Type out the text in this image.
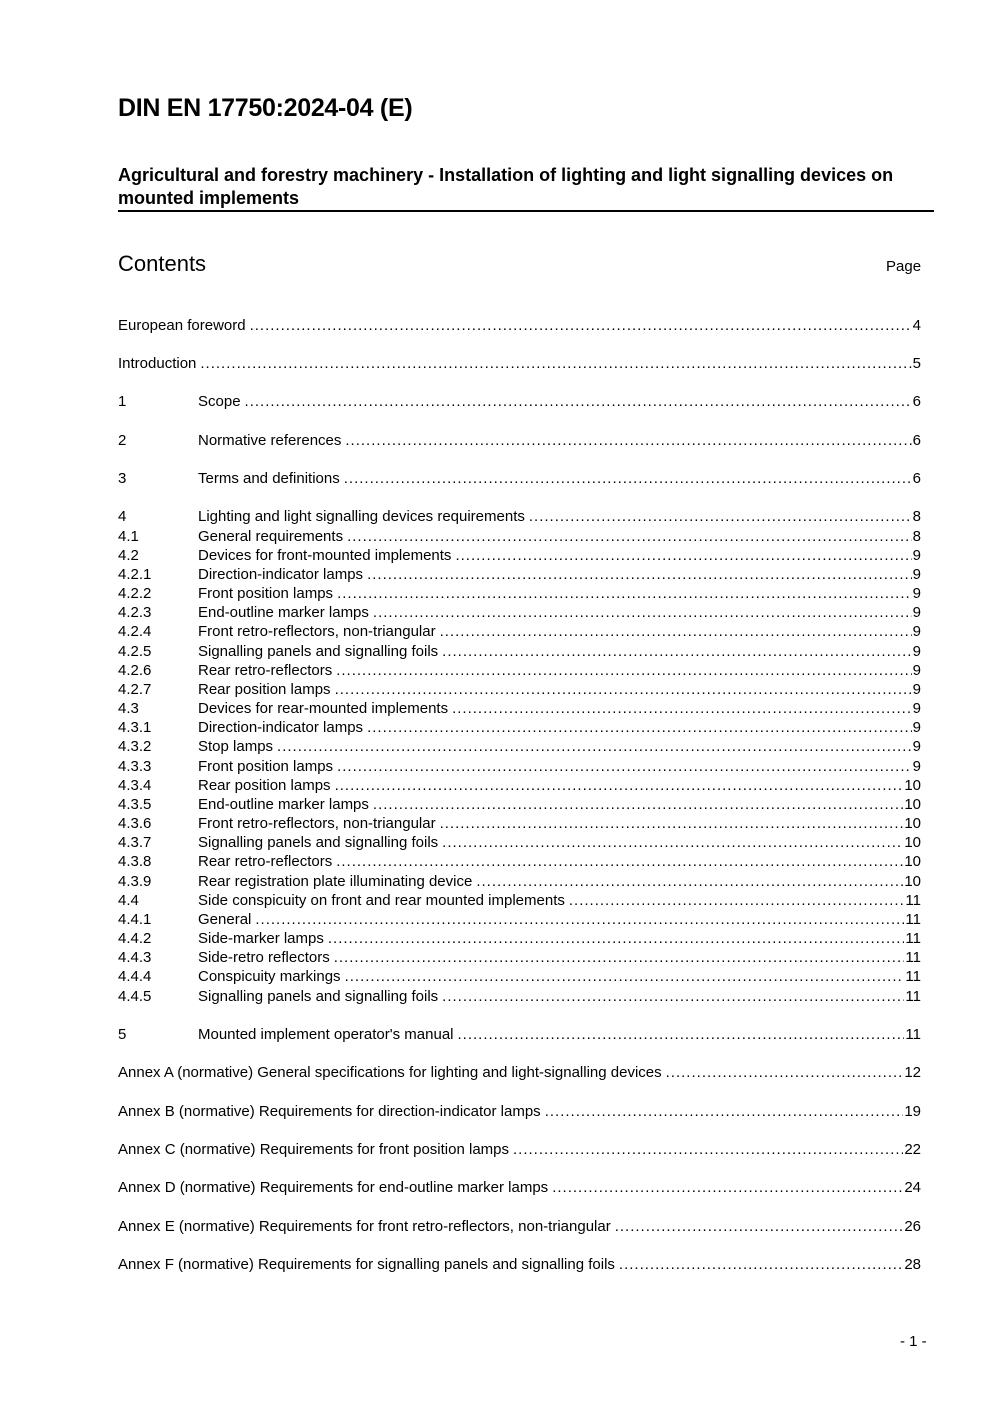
DIN EN 17750:2024-04 (E)
Agricultural and forestry machinery - Installation of lighting and light signalling devices on mounted implements
Contents	Page
European foreword .....	4
Introduction .....	5
1	Scope .....	6
2	Normative references .....	6
3	Terms and definitions .....	6
4	Lighting and light signalling devices requirements .....	8
4.1	General requirements .....	8
4.2	Devices for front-mounted implements .....	9
4.2.1	Direction-indicator lamps .....	9
4.2.2	Front position lamps .....	9
4.2.3	End-outline marker lamps .....	9
4.2.4	Front retro-reflectors, non-triangular .....	9
4.2.5	Signalling panels and signalling foils .....	9
4.2.6	Rear retro-reflectors .....	9
4.2.7	Rear position lamps .....	9
4.3	Devices for rear-mounted implements .....	9
4.3.1	Direction-indicator lamps .....	9
4.3.2	Stop lamps .....	9
4.3.3	Front position lamps .....	9
4.3.4	Rear position lamps .....	10
4.3.5	End-outline marker lamps .....	10
4.3.6	Front retro-reflectors, non-triangular .....	10
4.3.7	Signalling panels and signalling foils .....	10
4.3.8	Rear retro-reflectors .....	10
4.3.9	Rear registration plate illuminating device .....	10
4.4	Side conspicuity on front and rear mounted implements .....	11
4.4.1	General .....	11
4.4.2	Side-marker lamps .....	11
4.4.3	Side-retro reflectors .....	11
4.4.4	Conspicuity markings .....	11
4.4.5	Signalling panels and signalling foils .....	11
5	Mounted implement operator's manual .....	11
Annex A (normative) General specifications for lighting and light-signalling devices .....	12
Annex B (normative) Requirements for direction-indicator lamps .....	19
Annex C (normative) Requirements for front position lamps .....	22
Annex D (normative) Requirements for end-outline marker lamps .....	24
Annex E (normative) Requirements for front retro-reflectors, non-triangular .....	26
Annex F (normative) Requirements for signalling panels and signalling foils .....	28
- 1 -
